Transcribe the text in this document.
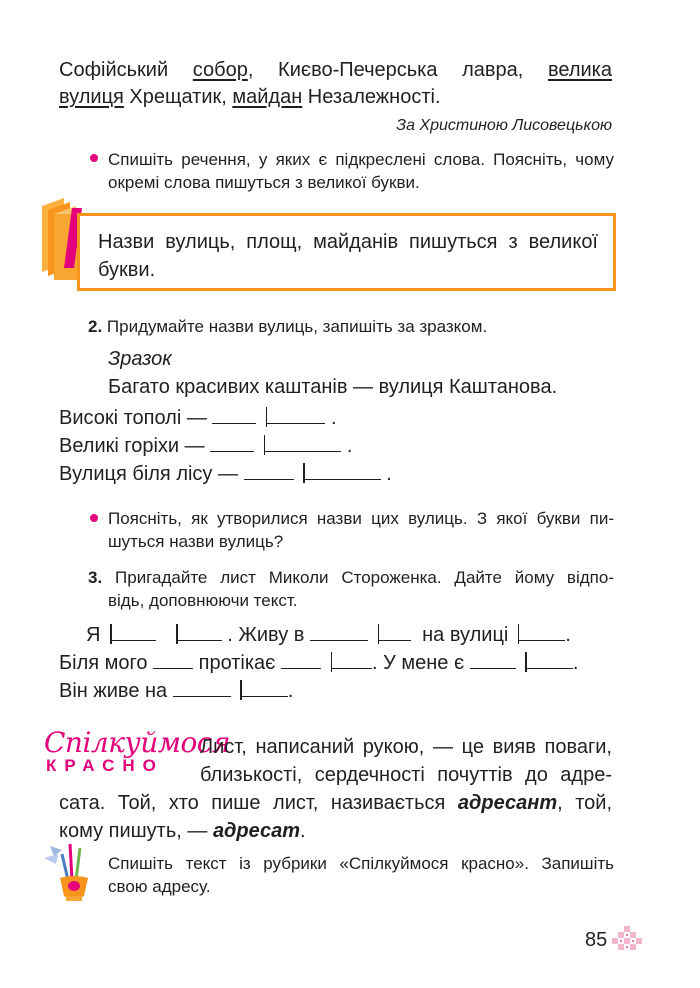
Софійський собор, Києво-Печерська лавра, велика
вулиця Хрещатик, майдан Незалежності.
За Христиною Лисовецькою
Спишіть речення, у яких є підкреслені слова. Поясніть, чому
окремі слова пишуться з великої букви.
Назви вулиць, площ, майданів пишуться з великої
букви.
2. Придумайте назви вулиць, запишіть за зразком.
Зразок
Багато красивих каштанів — вулиця Каштанова.
Високі тополі —	.
Великі горіхи —	.
Вулиця біля лісу —	.
Поясніть, як утворилися назви цих вулиць. З якої букви пи-
шуться назви вулиць?
3. Пригадайте лист Миколи Стороженка. Дайте йому відпо-
відь, доповнюючи текст.
Я	. Живу в	на вулиці	.
Біля мого	протікає	. У мене є	.
Він живе на	.
Спілкуймося
КРАСНО
Лист, написаний рукою, — це вияв поваги,
близькості, сердечності почуттів до адре-
сата. Той, хто пише лист, називається адресант, той,
кому пишуть, — адресат.
Спишіть текст із рубрики «Спілкуймося красно». Запишіть
свою адресу.
85
